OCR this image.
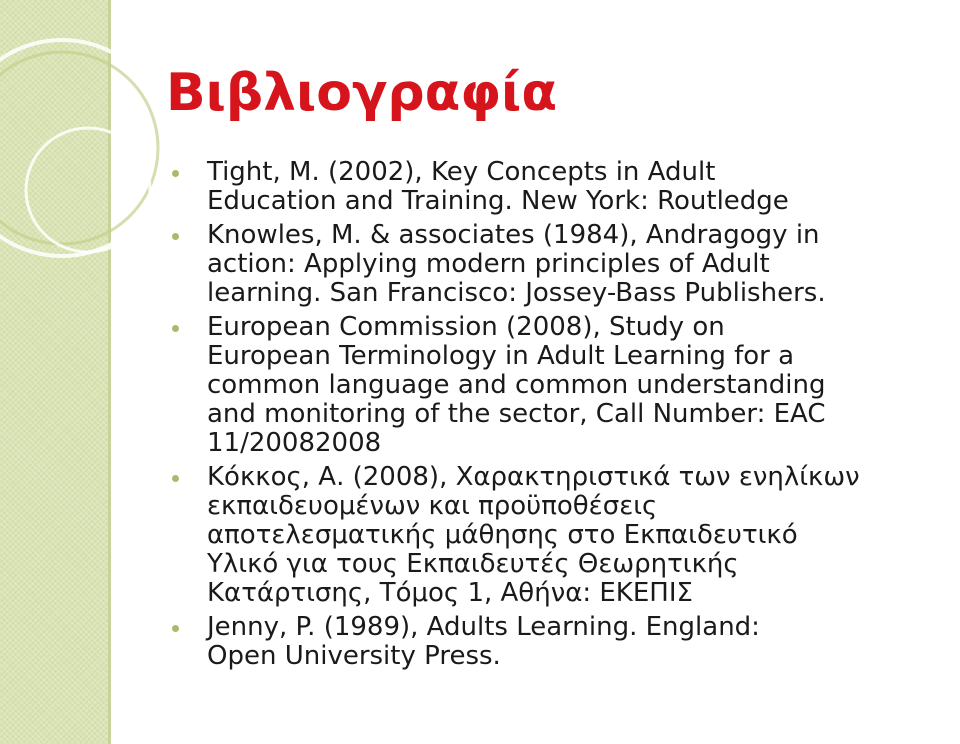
Βιβλιογραφία
Tight, M. (2002), Key Concepts in Adult
Education and Training. New York: Routledge
Knowles, M. & associates (1984), Andragogy in
action: Applying modern principles of Adult
learning. San Francisco: Jossey-Bass Publishers.
European Commission (2008), Study on
European Terminology in Adult Learning for a
common language and common understanding
and monitoring of the sector, Call Number: EAC
11/20082008
Κόκκος, Α. (2008), Χαρακτηριστικά των ενηλίκων
εκπαιδευομένων και προϋποθέσεις
αποτελεσματικής μάθησης στο Εκπαιδευτικό
Υλικό για τους Εκπαιδευτές Θεωρητικής
Κατάρτισης, Τόμος 1, Αθήνα: ΕΚΕΠΙΣ
Jenny, P. (1989), Adults Learning. England:
Open University Press.
